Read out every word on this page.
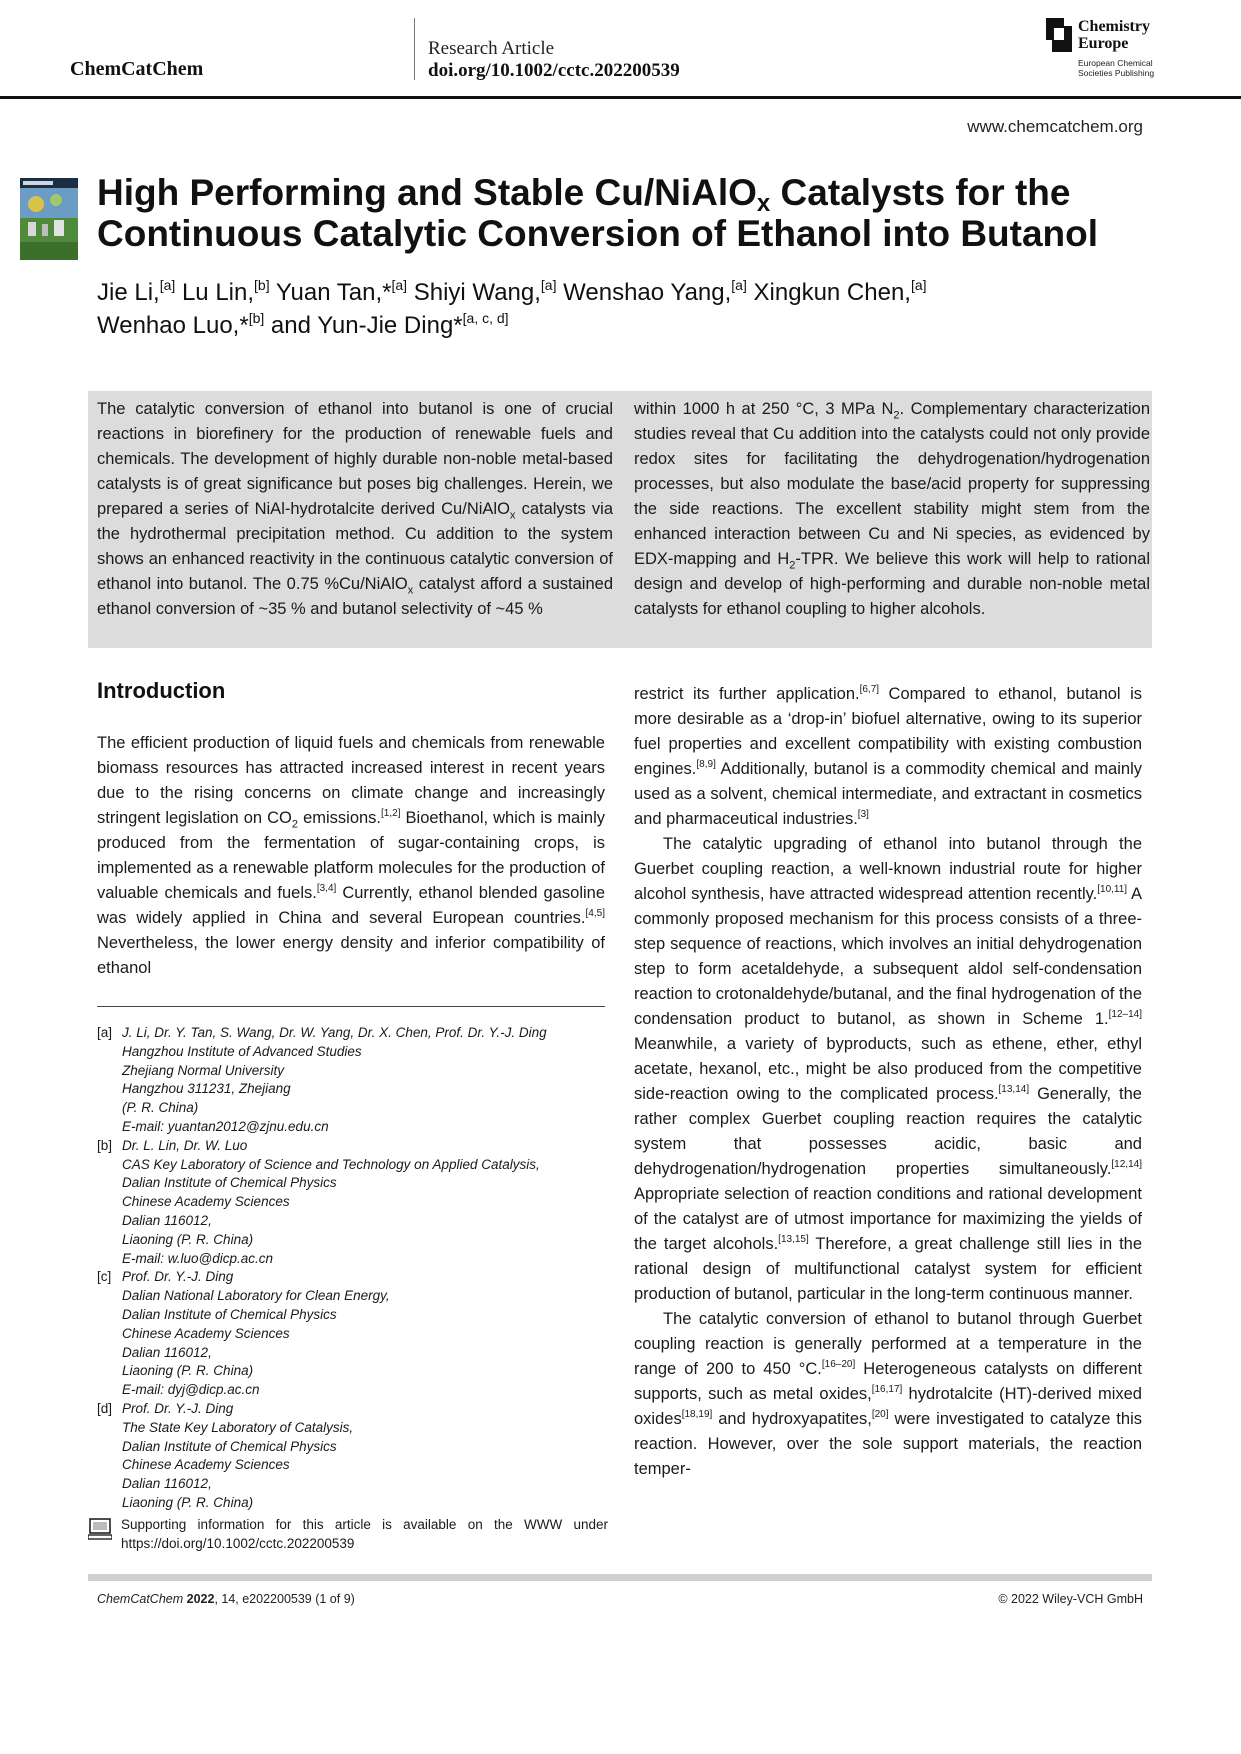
ChemCatChem
Research Article
doi.org/10.1002/cctc.202200539
Chemistry
Europe
European Chemical
Societies Publishing
www.chemcatchem.org
High Performing and Stable Cu/NiAlO$_x$ Catalysts for the
Continuous Catalytic Conversion of Ethanol into Butanol
Jie Li,[a] Lu Lin,[b] Yuan Tan,*[a] Shiyi Wang,[a] Wenshao Yang,[a] Xingkun Chen,[a]
Wenhao Luo,*[b] and Yun-Jie Ding*[a, c, d]
The catalytic conversion of ethanol into butanol is one of crucial reactions in biorefinery for the production of renewable fuels and chemicals. The development of highly durable non-noble metal-based catalysts is of great significance but poses big challenges. Herein, we prepared a series of NiAl-hydrotalcite derived Cu/NiAlO$_x$ catalysts via the hydrothermal precipitation method. Cu addition to the system shows an enhanced reactivity in the continuous catalytic conversion of ethanol into butanol. The 0.75 %Cu/NiAlO$_x$ catalyst afford a sustained ethanol conversion of ~35 % and butanol selectivity of ~45 %
within 1000 h at 250 °C, 3 MPa $N_2$. Complementary characterization studies reveal that Cu addition into the catalysts could not only provide redox sites for facilitating the dehydrogenation/hydrogenation processes, but also modulate the base/acid property for suppressing the side reactions. The excellent stability might stem from the enhanced interaction between Cu and Ni species, as evidenced by EDX-mapping and $H_2$-TPR. We believe this work will help to rational design and develop of high-performing and durable non-noble metal catalysts for ethanol coupling to higher alcohols.
Introduction

The efficient production of liquid fuels and chemicals from renewable biomass resources has attracted increased interest in recent years due to the rising concerns on climate change and increasingly stringent legislation on $CO_2$ emissions.[1,2] Bioethanol, which is mainly produced from the fermentation of sugar-containing crops, is implemented as a renewable platform molecules for the production of valuable chemicals and fuels.[3,4] Currently, ethanol blended gasoline was widely applied in China and several European countries.[4,5] Nevertheless, the lower energy density and inferior compatibility of ethanol

[a] J. Li, Dr. Y. Tan, S. Wang, Dr. W. Yang, Dr. X. Chen, Prof. Dr. Y.-J. Ding
Hangzhou Institute of Advanced Studies
Zhejiang Normal University
Hangzhou 311231, Zhejiang
(P. R. China)
E-mail: yuantan2012@zjnu.edu.cn
[b] Dr. L. Lin, Dr. W. Luo
CAS Key Laboratory of Science and Technology on Applied Catalysis,
Dalian Institute of Chemical Physics
Chinese Academy Sciences
Dalian 116012,
Liaoning (P. R. China)
E-mail: w.luo@dicp.ac.cn
[c] Prof. Dr. Y.-J. Ding
Dalian National Laboratory for Clean Energy,
Dalian Institute of Chemical Physics
Chinese Academy Sciences
Dalian 116012,
Liaoning (P. R. China)
E-mail: dyj@dicp.ac.cn
[d] Prof. Dr. Y.-J. Ding
The State Key Laboratory of Catalysis,
Dalian Institute of Chemical Physics
Chinese Academy Sciences
Dalian 116012,
Liaoning (P. R. China)
Supporting information for this article is available on the WWW under https://doi.org/10.1002/cctc.202200539

restrict its further application.[6,7] Compared to ethanol, butanol is more desirable as a ‘drop-in’ biofuel alternative, owing to its superior fuel properties and excellent compatibility with existing combustion engines.[8,9] Additionally, butanol is a commodity chemical and mainly used as a solvent, chemical intermediate, and extractant in cosmetics and pharmaceutical industries.[3]

The catalytic upgrading of ethanol into butanol through the Guerbet coupling reaction, a well-known industrial route for higher alcohol synthesis, have attracted widespread attention recently.[10,11] A commonly proposed mechanism for this process consists of a three-step sequence of reactions, which involves an initial dehydrogenation step to form acetaldehyde, a subsequent aldol self-condensation reaction to crotonaldehyde/butanal, and the final hydrogenation of the condensation product to butanol, as shown in Scheme 1.[12–14] Meanwhile, a variety of byproducts, such as ethene, ether, ethyl acetate, hexanol, etc., might be also produced from the competitive side-reaction owing to the complicated process.[13,14] Generally, the rather complex Guerbet coupling reaction requires the catalytic system that possesses acidic, basic and dehydrogenation/hydrogenation properties simultaneously.[12,14] Appropriate selection of reaction conditions and rational development of the catalyst are of utmost importance for maximizing the yields of the target alcohols.[13,15] Therefore, a great challenge still lies in the rational design of multifunctional catalyst system for efficient production of butanol, particular in the long-term continuous manner.

The catalytic conversion of ethanol to butanol through Guerbet coupling reaction is generally performed at a temperature in the range of 200 to 450 °C.[16–20] Heterogeneous catalysts on different supports, such as metal oxides,[16,17] hydrotalcite (HT)-derived mixed oxides[18,19] and hydroxyapatites,[20] were investigated to catalyze this reaction. However, over the sole support materials, the reaction temper-

ChemCatChem 2022, 14, e202200539 (1 of 9)	© 2022 Wiley-VCH GmbH
